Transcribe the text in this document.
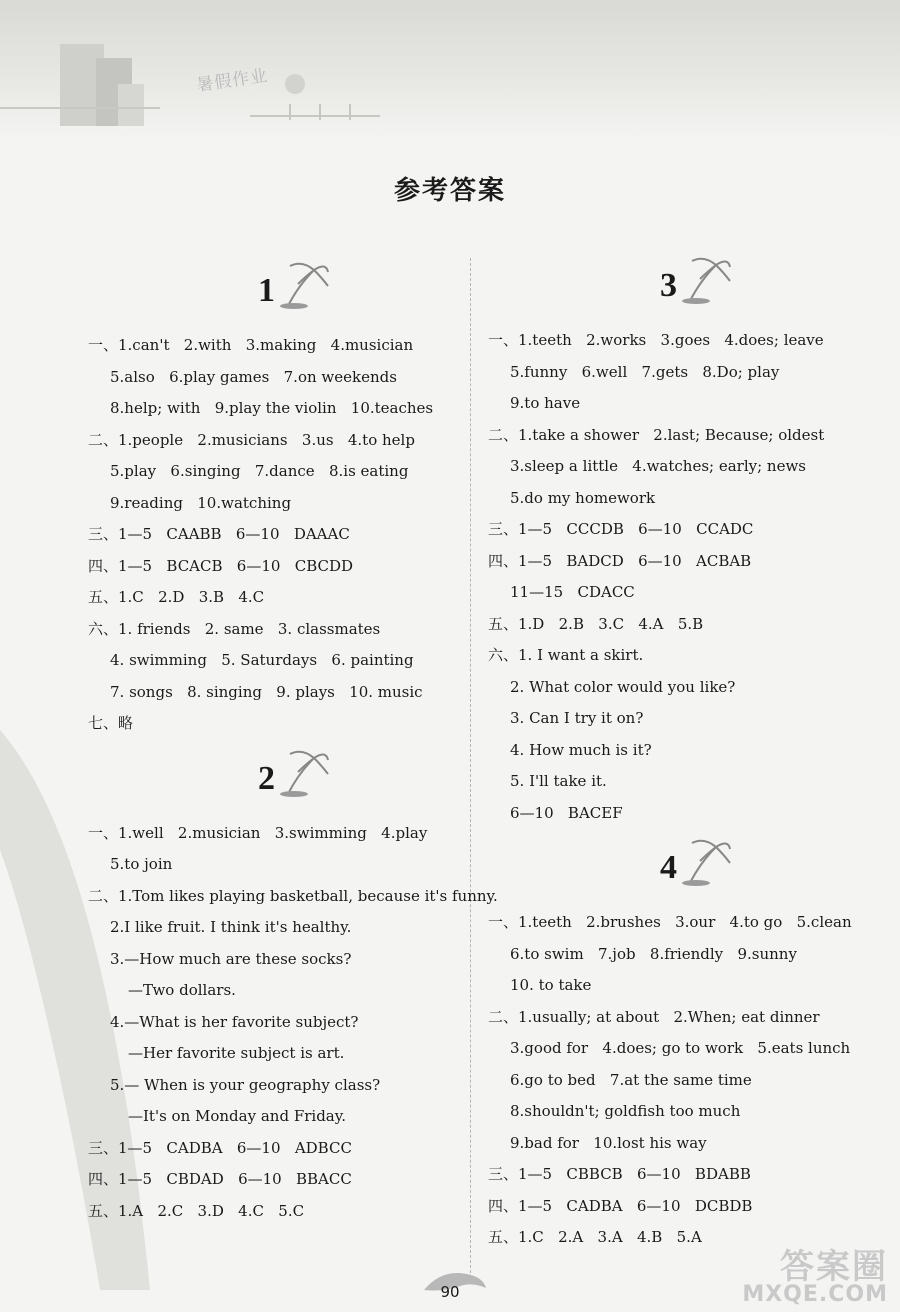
暑假作业
参考答案
1
一、1.can't   2.with   3.making   4.musician
5.also   6.play games   7.on weekends
8.help; with   9.play the violin   10.teaches
二、1.people   2.musicians   3.us   4.to help
5.play   6.singing   7.dance   8.is eating
9.reading   10.watching
三、1—5   CAABB   6—10   DAAAC
四、1—5   BCACB   6—10   CBCDD
五、1.C   2.D   3.B   4.C
六、1. friends   2. same   3. classmates
4. swimming   5. Saturdays   6. painting
7. songs   8. singing   9. plays   10. music
七、略
2
一、1.well   2.musician   3.swimming   4.play
5.to join
二、1.Tom likes playing basketball, because it's funny.
2.I like fruit. I think it's healthy.
3.—How much are these socks?
—Two dollars.
4.—What is her favorite subject?
—Her favorite subject is art.
5.— When is your geography class?
—It's on Monday and Friday.
三、1—5   CADBA   6—10   ADBCC
四、1—5   CBDAD   6—10   BBACC
五、1.A   2.C   3.D   4.C   5.C
3
一、1.teeth   2.works   3.goes   4.does; leave
5.funny   6.well   7.gets   8.Do; play
9.to have
二、1.take a shower   2.last; Because; oldest
3.sleep a little   4.watches; early; news
5.do my homework
三、1—5   CCCDB   6—10   CCADC
四、1—5   BADCD   6—10   ACBAB
11—15   CDACC
五、1.D   2.B   3.C   4.A   5.B
六、1. I want a skirt.
2. What color would you like?
3. Can I try it on?
4. How much is it?
5. I'll take it.
6—10   BACEF
4
一、1.teeth   2.brushes   3.our   4.to go   5.clean
6.to swim   7.job   8.friendly   9.sunny
10. to take
二、1.usually; at about   2.When; eat dinner
3.good for   4.does; go to work   5.eats lunch
6.go to bed   7.at the same time
8.shouldn't; goldfish too much
9.bad for   10.lost his way
三、1—5   CBBCB   6—10   BDABB
四、1—5   CADBA   6—10   DCBDB
五、1.C   2.A   3.A   4.B   5.A
90
答案圈
MXQE.COM
